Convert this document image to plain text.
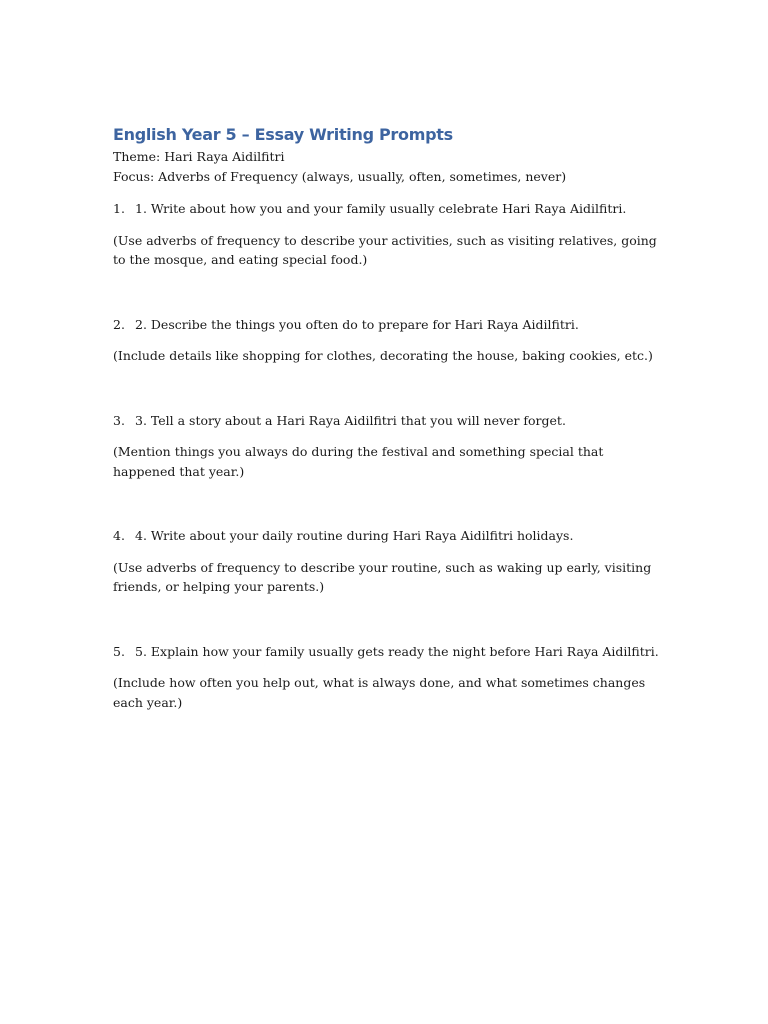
English Year 5 – Essay Writing Prompts

Theme: Hari Raya Aidilfitri

Focus: Adverbs of Frequency (always, usually, often, sometimes, never)

1. 1. Write about how you and your family usually celebrate Hari Raya Aidilfitri.

(Use adverbs of frequency to describe your activities, such as visiting relatives, going to the mosque, and eating special food.)

2. 2. Describe the things you often do to prepare for Hari Raya Aidilfitri.

(Include details like shopping for clothes, decorating the house, baking cookies, etc.)

3. 3. Tell a story about a Hari Raya Aidilfitri that you will never forget.

(Mention things you always do during the festival and something special that happened that year.)

4. 4. Write about your daily routine during Hari Raya Aidilfitri holidays.

(Use adverbs of frequency to describe your routine, such as waking up early, visiting friends, or helping your parents.)

5. 5. Explain how your family usually gets ready the night before Hari Raya Aidilfitri.

(Include how often you help out, what is always done, and what sometimes changes each year.)
